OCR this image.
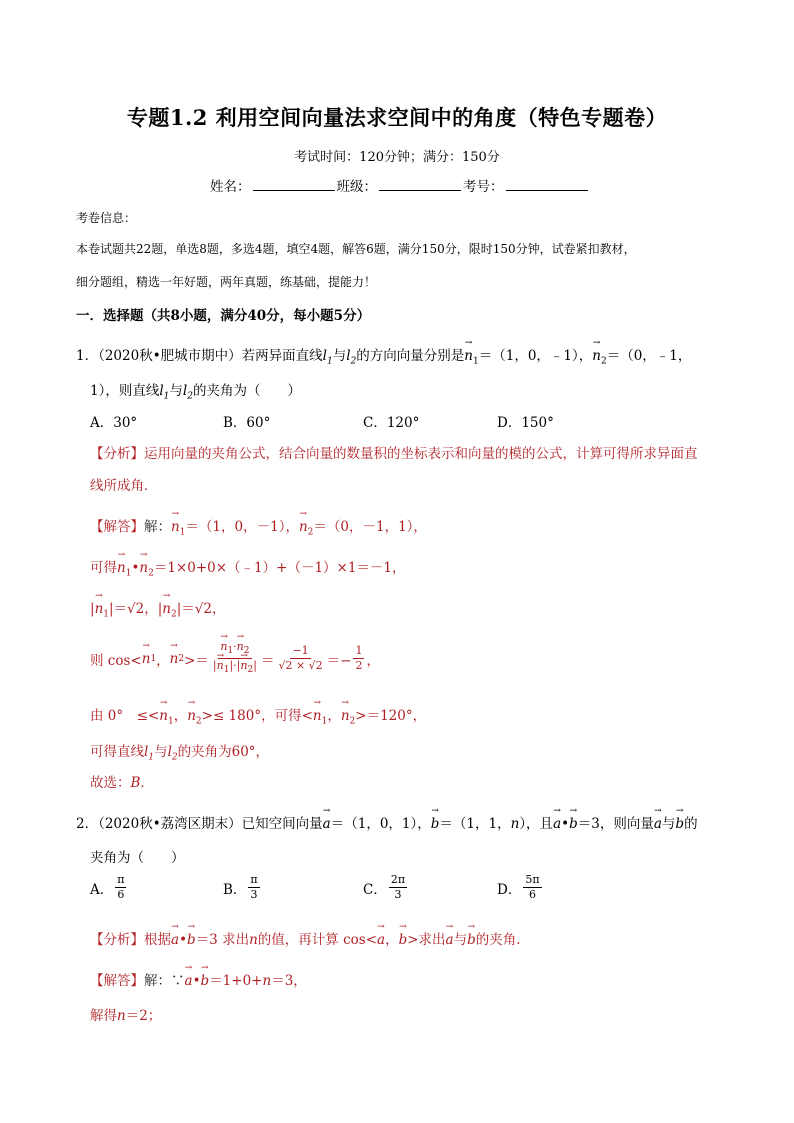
专题1.2 利用空间向量法求空间中的角度（特色专题卷）
考试时间：120分钟；满分：150分
姓名：	班级：	考号：
考卷信息：
本卷试题共22题，单选8题，多选4题，填空4题，解答6题，满分150分，限时150分钟，试卷紧扣教材，
细分题组，精选一年好题，两年真题，练基础，提能力！
一．选择题（共8小题，满分40分，每小题5分）
1．（2020秋•肥城市期中）若两异面直线$l_1$与$l_2$的方向向量分别是→ $n_1=(1$，0，﹣1），→ $n_2=(0$，﹣1，
1），则直线$l_1$与$l_2$的夹角为（　　）
A．30°	B．60°	C．120°	D．150°
【分析】运用向量的夹角公式，结合向量的数量积的坐标表示和向量的模的公式，计算可得所求异面直
线所成角．
【解答】解：→ $n_1=(1$，0，－1），→ $n_2=(0$，－1，1），
可得→ $n_1•\to$ $n_2=1\times 0+0\times(﹣1)+(-1)\times 1=-1$，
|→ $n_1|=√2$，|→ $n_2|=√2$，
则 cos< → n 1 ， → n 2 >＝ → $\frac{n_1\cdot\to n_2}{|\to n_1|\cdot|\to n_2|} = \frac{-1}{√2 \times √2} =- \frac{1}{2}$ ，
由 0°　≤<→ $n_1$，→ $n_2>\le 180^\circ$，可得<→ $n_1$，→ $n_2>=120^\circ$，
可得直线$l_1$与$l_2$的夹角为60°，
故选：B．
2．（2020秋•荔湾区期末）已知空间向量→ a＝（1，0，1），→ b＝（1，1，n），且→ a•→ b＝3，则向量→ a与→ b的
夹角为（　　）
A． $\frac{\pi}{6}$	B． $\frac{\pi}{3}$	C． $\frac{2\pi}{3}$	D． $\frac{5\pi}{6}$
【分析】根据→ a•→ b＝3 求出n的值，再计算 cos<→ a，→ b>求出→ a与→ b的夹角．
【解答】解：∵→ a•→ b＝1+0+n＝3，
解得n＝2；
